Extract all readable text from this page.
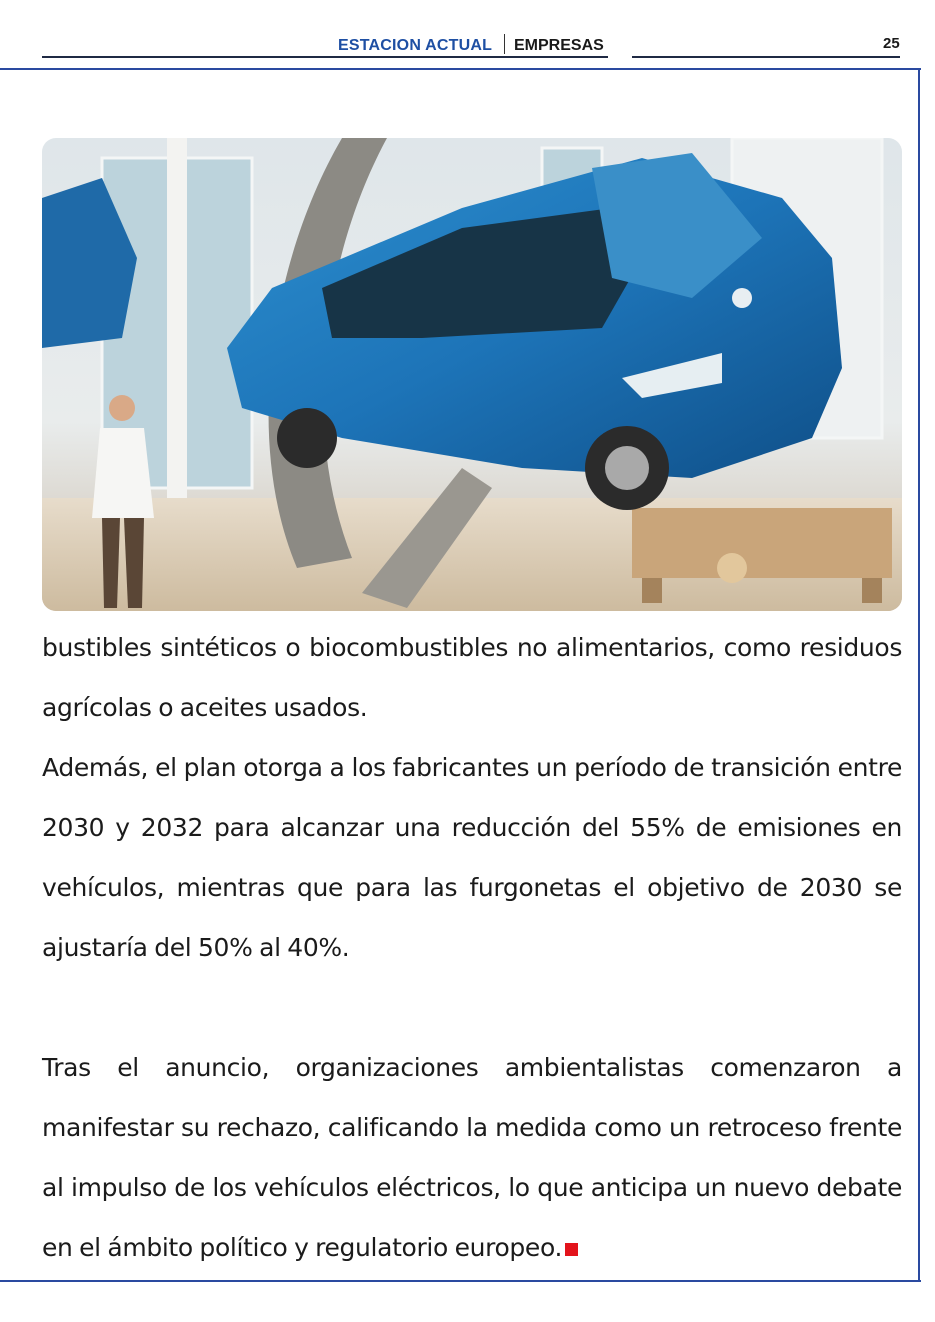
ESTACION ACTUAL EMPRESAS	25

bustibles sintéticos o biocombustibles no alimentarios, como residuos agrícolas o aceites usados.

Además, el plan otorga a los fabricantes un período de transición entre 2030 y 2032 para alcanzar una reducción del 55% de emisiones en vehículos, mientras que para las furgonetas el objetivo de 2030 se ajustaría del 50% al 40%.

Tras el anuncio, organizaciones ambientalistas comenzaron a manifestar su rechazo, calificando la medida como un retroceso frente al impulso de los vehículos eléctricos, lo que anticipa un nuevo debate en el ámbito político y regulatorio europeo.
